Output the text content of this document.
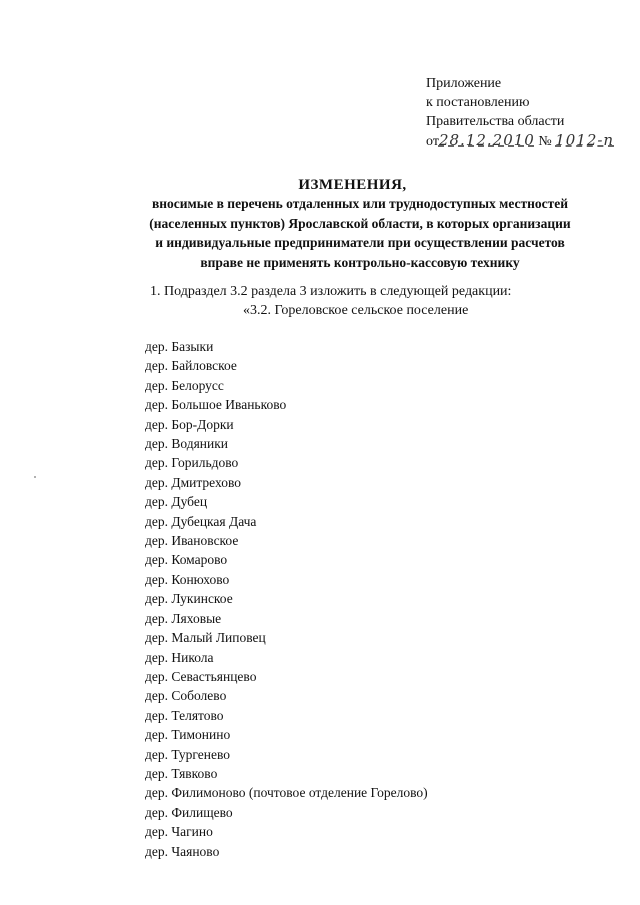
Приложение
к постановлению
Правительства области
от28.12.2010 № 1012-п
ИЗМЕНЕНИЯ,
вносимые в перечень отдаленных или труднодоступных местностей
(населенных пунктов) Ярославской области, в которых организации
и индивидуальные предприниматели при осуществлении расчетов
вправе не применять контрольно-кассовую технику
1. Подраздел 3.2 раздела 3 изложить в следующей редакции:
«3.2. Гореловское сельское поселение
дер. Базыки
дер. Байловское
дер. Белорусс
дер. Большое Иваньково
дер. Бор-Дорки
дер. Водяники
дер. Горильдово
дер. Дмитрехово
дер. Дубец
дер. Дубецкая Дача
дер. Ивановское
дер. Комарово
дер. Конюхово
дер. Лукинское
дер. Ляховые
дер. Малый Липовец
дер. Никола
дер. Севастьянцево
дер. Соболево
дер. Телятово
дер. Тимонино
дер. Тургенево
дер. Тявково
дер. Филимоново (почтовое отделение Горелово)
дер. Филищево
дер. Чагино
дер. Чаяново
